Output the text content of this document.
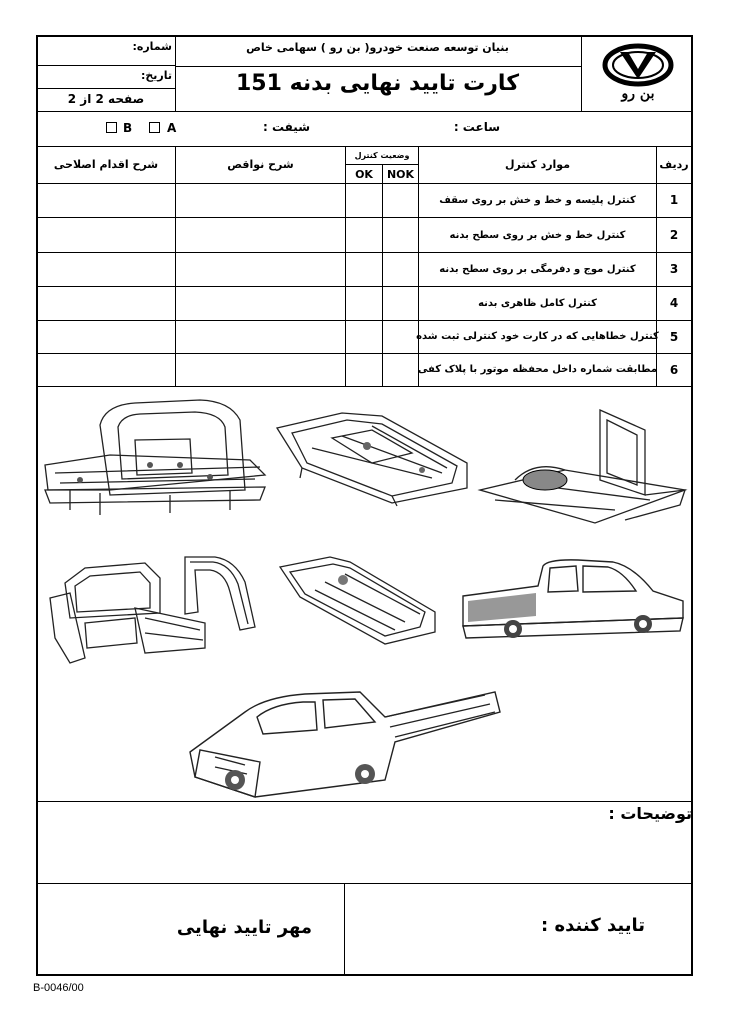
بنیان توسعه صنعت خودرو( بن رو ) سهامی خاص
کارت تایید نهایی بدنه 151
شماره:
تاریخ:
صفحه 2 از 2	بن رو
ساعت :
شیفت :
A
B
ردیف
موارد کنترل
وضعیت کنترل
NOK
OK
شرح نواقص
شرح اقدام اصلاحی
1
کنترل پلیسه و خط و خش بر روی سقف
2
کنترل خط و خش بر روی سطح بدنه
3
کنترل موج و دفرمگی بر روی سطح بدنه
4
کنترل کامل ظاهری بدنه
5
کنترل خطاهایی که در کارت خود کنترلی ثبت شده
6
مطابقت شماره داخل محفظه موتور با پلاک کفی
توضیحات :
تایید کننده :
مهر تایید نهایی
B-0046/00
